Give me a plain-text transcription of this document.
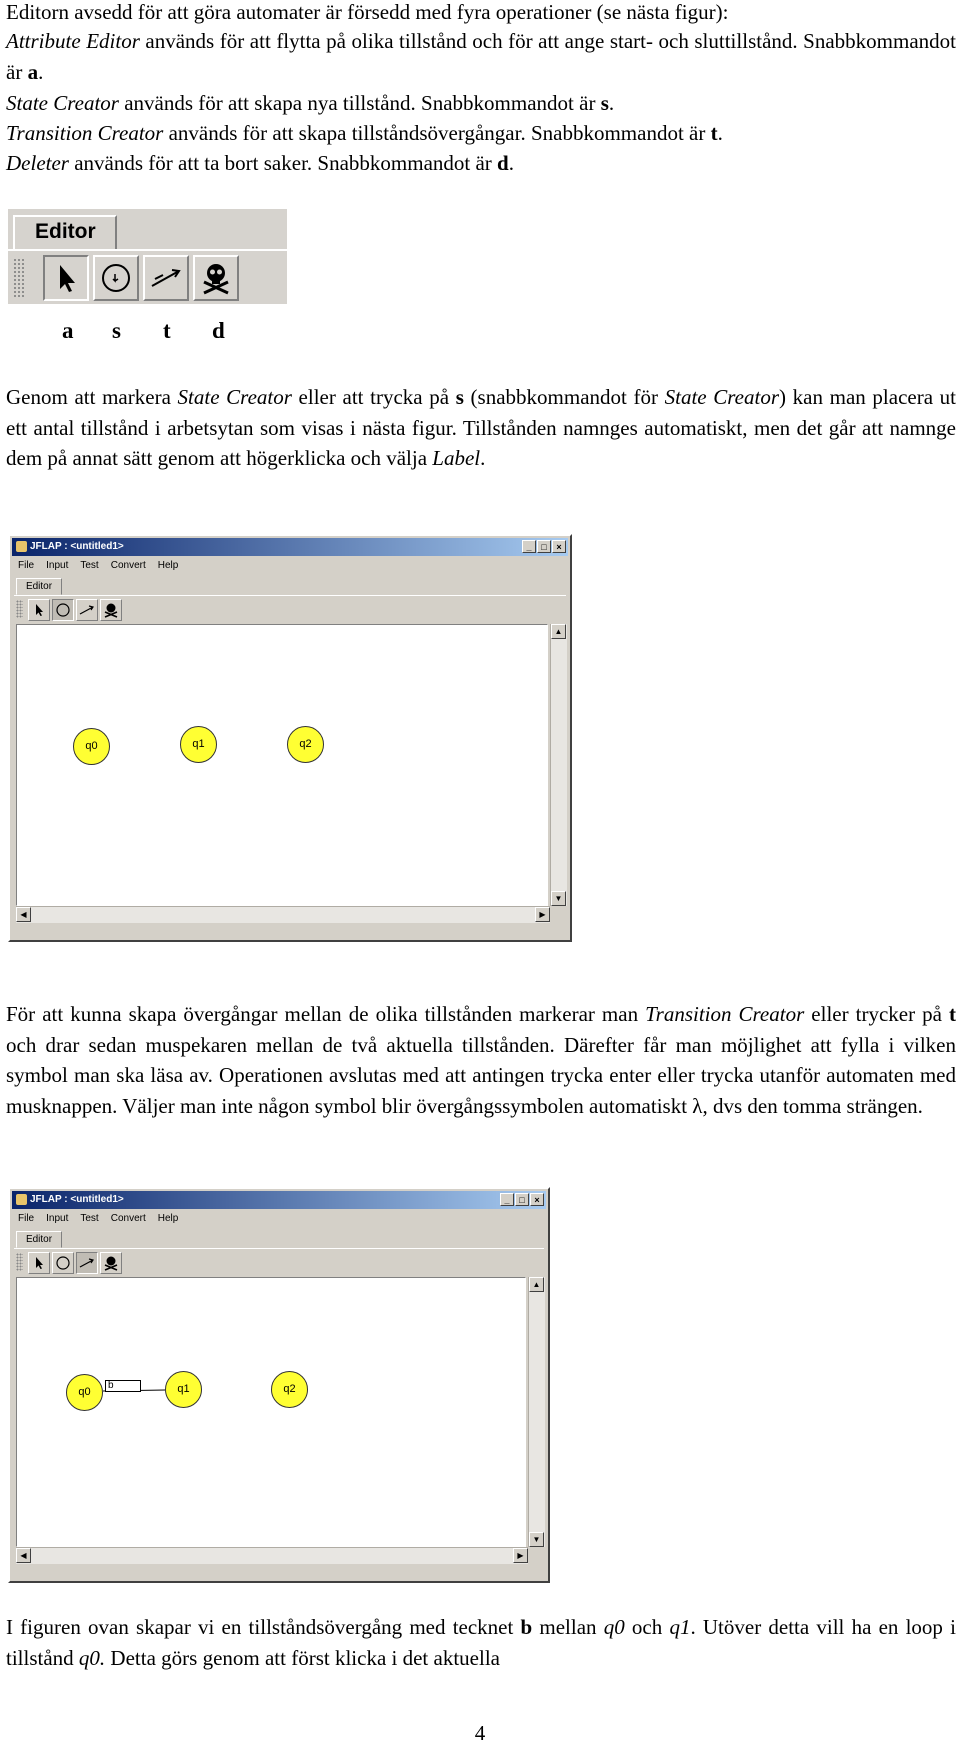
Editorn avsedd för att göra automater är försedd med fyra operationer (se nästa figur):

Attribute Editor används för att flytta på olika tillstånd och för att ange start- och sluttillstånd. Snabbkommandot är a.

State Creator används för att skapa nya tillstånd. Snabbkommandot är s.

Transition Creator används för att skapa tillståndsövergångar. Snabbkommandot är t.

Deleter används för att ta bort saker. Snabbkommandot är d.

Editor
a s t d

Genom att markera State Creator eller att trycka på s (snabbkommandot för State Creator) kan man placera ut ett antal tillstånd i arbetsytan som visas i nästa figur. Tillstånden namnges automatiskt, men det går att namnge dem på annat sätt genom att högerklicka och välja Label.

JFLAP : <untitled1>	_ □ ×
File Input Test Convert Help
Editor
q0	q1	q2
▲
▼
◀	▶

För att kunna skapa övergångar mellan de olika tillstånden markerar man Transition Creator eller trycker på t och drar sedan muspekaren mellan de två aktuella tillstånden. Därefter får man möjlighet att fylla i vilken symbol man ska läsa av. Operationen avslutas med att antingen trycka enter eller trycka utanför automaten med musknappen. Väljer man inte någon symbol blir övergångssymbolen automatiskt λ, dvs den tomma strängen.

JFLAP : <untitled1>	_ □ ×
File Input Test Convert Help
Editor
q0	q1	q2
b
▲
▼
◀	▶

I figuren ovan skapar vi en tillståndsövergång med tecknet b mellan q0 och q1. Utöver detta vill ha en loop i tillstånd q0. Detta görs genom att först klicka i det aktuella

4
